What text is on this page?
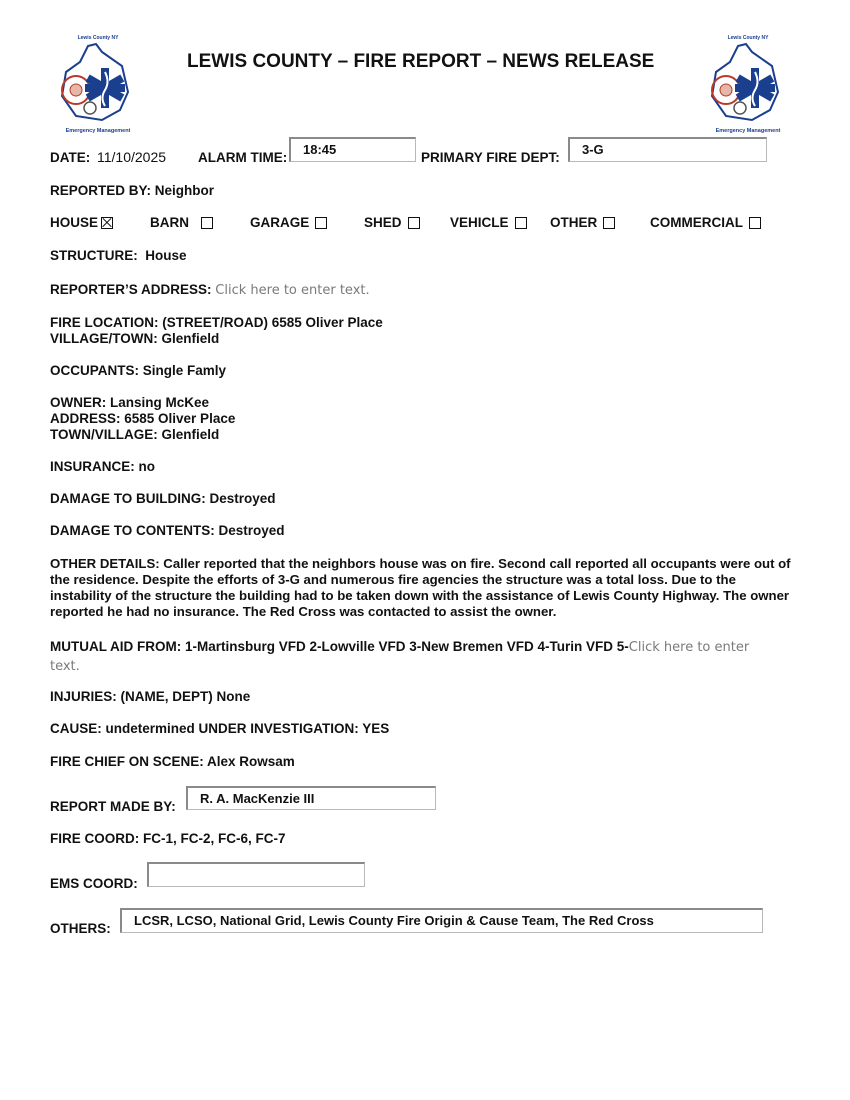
Lewis County NY
Emergency Management
Lewis County NY
Emergency Management
LEWIS COUNTY – FIRE REPORT – NEWS RELEASE
DATE: 11/10/2025 ALARM TIME:
18:45
PRIMARY FIRE DEPT:
3-G
REPORTED BY: Neighbor
HOUSE	BARN	GARAGE	SHED	VEHICLE	OTHER	COMMERCIAL
STRUCTURE: House
REPORTER’S ADDRESS: Click here to enter text.
FIRE LOCATION: (STREET/ROAD) 6585 Oliver Place
VILLAGE/TOWN: Glenfield
OCCUPANTS: Single Famly
OWNER: Lansing McKee
ADDRESS: 6585 Oliver Place
TOWN/VILLAGE: Glenfield
INSURANCE: no
DAMAGE TO BUILDING: Destroyed
DAMAGE TO CONTENTS: Destroyed
OTHER DETAILS: Caller reported that the neighbors house was on fire. Second call reported all occupants were out of the residence. Despite the efforts of 3-G and numerous fire agencies the structure was a total loss. Due to the instability of the structure the building had to be taken down with the assistance of Lewis County Highway. The owner reported he had no insurance. The Red Cross was contacted to assist the owner.
MUTUAL AID FROM: 1-Martinsburg VFD 2-Lowville VFD 3-New Bremen VFD 4-Turin VFD 5-Click here to enter
text.
INJURIES: (NAME, DEPT) None
CAUSE: undetermined UNDER INVESTIGATION: YES
FIRE CHIEF ON SCENE: Alex Rowsam
REPORT MADE BY:
R. A. MacKenzie III
FIRE COORD: FC-1, FC-2, FC-6, FC-7
EMS COORD:
OTHERS:
LCSR, LCSO, National Grid, Lewis County Fire Origin & Cause Team, The Red Cross
